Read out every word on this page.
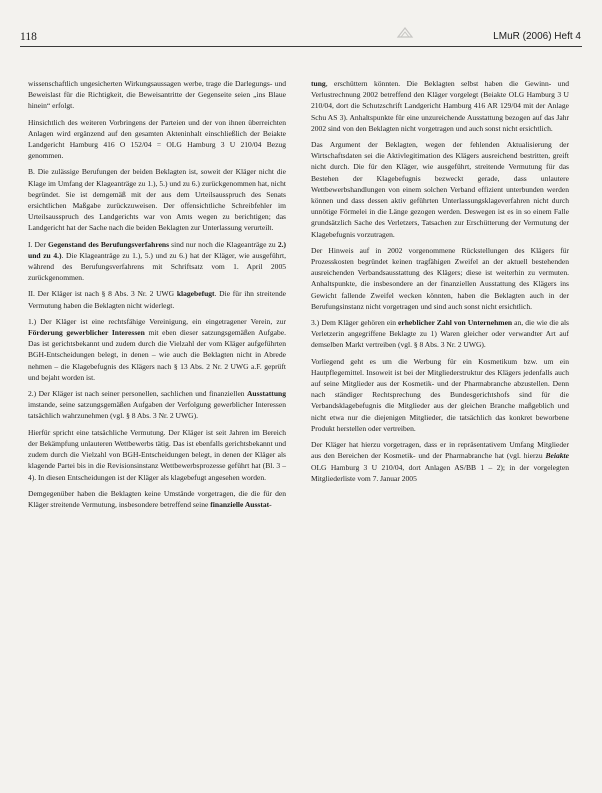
118	LMuR (2006) Heft 4

wissenschaftlich ungesicherten Wirkungsaussagen werbe, trage die Darlegungs- und Beweislast für die Richtigkeit, die Beweisantritte der Gegenseite seien „ins Blaue hinein“ erfolgt.

Hinsichtlich des weiteren Vorbringens der Parteien und der von ihnen überreichten Anlagen wird ergänzend auf den gesamten Akteninhalt einschließlich der Beiakte Landgericht Hamburg 416 O 152/04 = OLG Hamburg 3 U 210/04 Bezug genommen.

B. Die zulässige Berufungen der beiden Beklagten ist, soweit der Kläger nicht die Klage im Umfang der Klageanträge zu 1.), 5.) und zu 6.) zurückgenommen hat, nicht begründet. Sie ist demgemäß mit der aus dem Urteilsausspruch des Senats ersichtlichen Maßgabe zurückzuweisen. Der offensichtliche Schreibfehler im Urteilsausspruch des Landgerichts war von Amts wegen zu berichtigen; das Landgericht hat der Sache nach die beiden Beklagten zur Unterlassung verurteilt.

I. Der Gegenstand des Berufungsverfahrens sind nur noch die Klageanträge zu 2.) und zu 4.). Die Klageanträge zu 1.), 5.) und zu 6.) hat der Kläger, wie ausgeführt, während des Berufungsverfahrens mit Schriftsatz vom 1. April 2005 zurückgenommen.

II. Der Kläger ist nach § 8 Abs. 3 Nr. 2 UWG klagebefugt. Die für ihn streitende Vermutung haben die Beklagten nicht widerlegt.

1.) Der Kläger ist eine rechtsfähige Vereinigung, ein eingetragener Verein, zur Förderung gewerblicher Interessen mit eben dieser satzungsgemäßen Aufgabe. Das ist gerichtsbekannt und zudem durch die Vielzahl der vom Kläger aufgeführten BGH-Entscheidungen belegt, in denen – wie auch die Beklagten nicht in Abrede nehmen – die Klagebefugnis des Klägers nach § 13 Abs. 2 Nr. 2 UWG a.F. geprüft und bejaht worden ist.

2.) Der Kläger ist nach seiner personellen, sachlichen und finanziellen Ausstattung imstande, seine satzungsgemäßen Aufgaben der Verfolgung gewerblicher Interessen tatsächlich wahrzunehmen (vgl. § 8 Abs. 3 Nr. 2 UWG).

Hierfür spricht eine tatsächliche Vermutung. Der Kläger ist seit Jahren im Bereich der Bekämpfung unlauteren Wettbewerbs tätig. Das ist ebenfalls gerichtsbekannt und zudem durch die Vielzahl von BGH-Entscheidungen belegt, in denen der Kläger als klagende Partei bis in die Revisionsinstanz Wettbewerbsprozesse geführt hat (Bl. 3 – 4). In diesen Entscheidungen ist der Kläger als klagebefugt angesehen worden.

Demgegenüber haben die Beklagten keine Umstände vorgetragen, die die für den Kläger streitende Vermutung, insbesondere betreffend seine finanzielle Ausstat-

tung, erschüttern könnten. Die Beklagten selbst haben die Gewinn- und Verlustrechnung 2002 betreffend den Kläger vorgelegt (Beiakte OLG Hamburg 3 U 210/04, dort die Schutzschrift Landgericht Hamburg 416 AR 129/04 mit der Anlage Schu AS 3). Anhaltspunkte für eine unzureichende Ausstattung bezogen auf das Jahr 2002 sind von den Beklagten nicht vorgetragen und auch sonst nicht ersichtlich.

Das Argument der Beklagten, wegen der fehlenden Aktualisierung der Wirtschaftsdaten sei die Aktivlegitimation des Klägers ausreichend bestritten, greift nicht durch. Die für den Kläger, wie ausgeführt, streitende Vermutung für das Bestehen der Klagebefugnis bezweckt gerade, dass unlautere Wettbewerbshandlungen von einem solchen Verband effizient unterbunden werden können und dass dessen aktiv geführten Unterlassungsklageverfahren nicht durch unnötige Förmelei in die Länge gezogen werden. Deswegen ist es in so einem Falle grundsätzlich Sache des Verletzers, Tatsachen zur Erschütterung der Vermutung der Klagebefugnis vorzutragen.

Der Hinweis auf in 2002 vorgenommene Rückstellungen des Klägers für Prozesskosten begründet keinen tragfähigen Zweifel an der aktuell bestehenden ausreichenden Verbandsausstattung des Klägers; diese ist weiterhin zu vermuten. Anhaltspunkte, die insbesondere an der finanziellen Ausstattung des Klägers ins Gewicht fallende Zweifel wecken könnten, haben die Beklagten auch in der Berufungsinstanz nicht vorgetragen und sind auch sonst nicht ersichtlich.

3.) Dem Kläger gehören ein erheblicher Zahl von Unternehmen an, die wie die als Verletzerin angegriffene Beklagte zu 1) Waren gleicher oder verwandter Art auf demselben Markt vertreiben (vgl. § 8 Abs. 3 Nr. 2 UWG).

Vorliegend geht es um die Werbung für ein Kosmetikum bzw. um ein Hautpflegemittel. Insoweit ist bei der Mitgliederstruktur des Klägers jedenfalls auch auf seine Mitglieder aus der Kosmetik- und der Pharmabranche abzustellen. Denn nach ständiger Rechtsprechung des Bundesgerichtshofs sind für die Verbandsklagebefugnis die Mitglieder aus der gleichen Branche maßgeblich und nicht etwa nur die diejenigen Mitglieder, die tatsächlich das konkret beworbene Produkt herstellen oder vertreiben.

Der Kläger hat hierzu vorgetragen, dass er in repräsentativem Umfang Mitglieder aus den Bereichen der Kosmetik- und der Pharmabranche hat (vgl. hierzu Beiakte OLG Hamburg 3 U 210/04, dort Anlagen AS/BB 1 – 2); in der vorgelegten Mitgliederliste vom 7. Januar 2005
